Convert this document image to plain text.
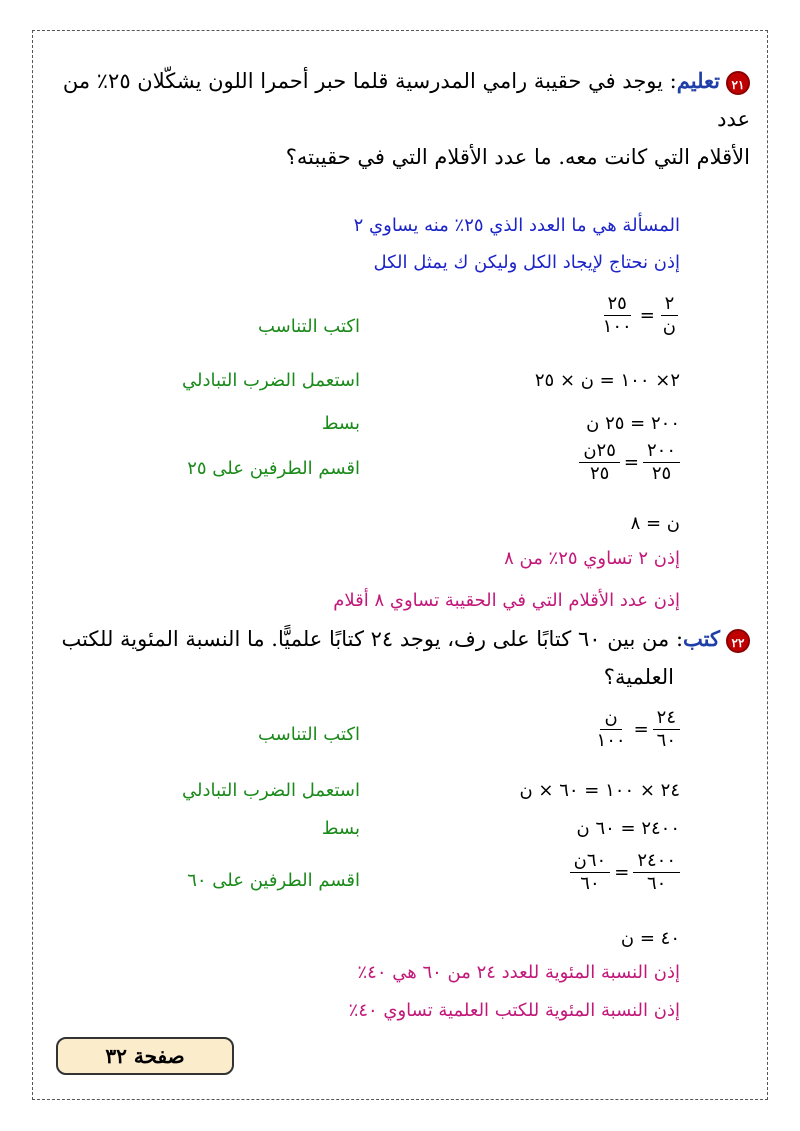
٢١تعليم: يوجد في حقيبة رامي المدرسية قلما حبر أحمرا اللون يشكّلان ٢٥٪ من عدد
الأقلام التي كانت معه. ما عدد الأقلام التي في حقيبته؟
المسألة هي ما العدد الذي ٢٥٪ منه يساوي ٢
إذن نحتاج لإيجاد الكل وليكن ك يمثل الكل
$\frac{٢}{\text{ن}}$
=
$\frac{٢٥}{١٠٠}$
اكتب التناسب
٢× ١٠٠ = ن × ٢٥
استعمل الضرب التبادلي
٢٠٠ = ٢٥ ن
بسط
$\frac{٢٠٠}{٢٥}$
=
$\frac{\text{٢٥ن}}{٢٥}$
اقسم الطرفين على ٢٥
ن = ٨
إذن ٢ تساوي ٢٥٪ من ٨
إذن عدد الأقلام التي في الحقيبة تساوي ٨ أقلام
٢٢كتب: من بين ٦٠ كتابًا على رف، يوجد ٢٤ كتابًا علميًّا. ما النسبة المئوية للكتب
العلمية؟
$\frac{٢٤}{٦٠}$
=
$\frac{\text{ن}}{١٠٠}$
اكتب التناسب
٢٤ × ١٠٠ = ٦٠ × ن
استعمل الضرب التبادلي
٢٤٠٠ = ٦٠ ن
بسط
$\frac{٢٤٠٠}{٦٠}$
=
$\frac{\text{٦٠ن}}{٦٠}$
اقسم الطرفين على ٦٠
٤٠ = ن
إذن النسبة المئوية للعدد ٢٤ من ٦٠ هي ٤٠٪
إذن النسبة المئوية للكتب العلمية تساوي ٤٠٪
صفحة ٣٢
